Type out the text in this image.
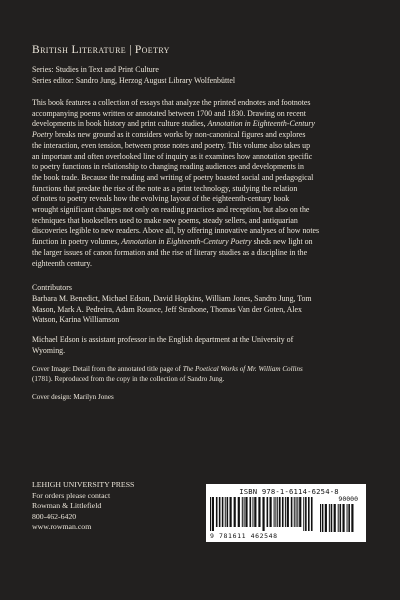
British Literature | Poetry
Series: Studies in Text and Print Culture
Series editor: Sandro Jung, Herzog August Library Wolfenbüttel

This book features a collection of essays that analyze the printed endnotes and footnotes

accompanying poems written or annotated between 1700 and 1830. Drawing on recent

developments in book history and print culture studies, Annotation in Eighteenth-Century

Poetry breaks new ground as it considers works by non-canonical figures and explores

the interaction, even tension, between prose notes and poetry. This volume also takes up

an important and often overlooked line of inquiry as it examines how annotation specific

to poetry functions in relationship to changing reading audiences and developments in

the book trade. Because the reading and writing of poetry boasted social and pedagogical

functions that predate the rise of the note as a print technology, studying the relation

of notes to poetry reveals how the evolving layout of the eighteenth-century book

wrought significant changes not only on reading practices and reception, but also on the

techniques that booksellers used to make new poems, steady sellers, and antiquarian

discoveries legible to new readers. Above all, by offering innovative analyses of how notes

function in poetry volumes, Annotation in Eighteenth-Century Poetry sheds new light on

the larger issues of canon formation and the rise of literary studies as a discipline in the

eighteenth century.

Contributors
Barbara M. Benedict, Michael Edson, David Hopkins, William Jones, Sandro Jung, Tom
Mason, Mark A. Pedreira, Adam Rounce, Jeff Strabone, Thomas Van der Goten, Alex
Watson, Karina Williamson
Michael Edson is assistant professor in the English department at the University of
Wyoming.
Cover Image: Detail from the annotated title page of The Poetical Works of Mr. William Collins
(1781). Reproduced from the copy in the collection of Sandro Jung.
Cover design: Marilyn Jones
LEHIGH UNIVERSITY PRESS
For orders please contact
Rowman & Littlefield
800-462-6420
www.rowman.com
ISBN 978-1-6114-6254-8
90000
9 781611 462548
